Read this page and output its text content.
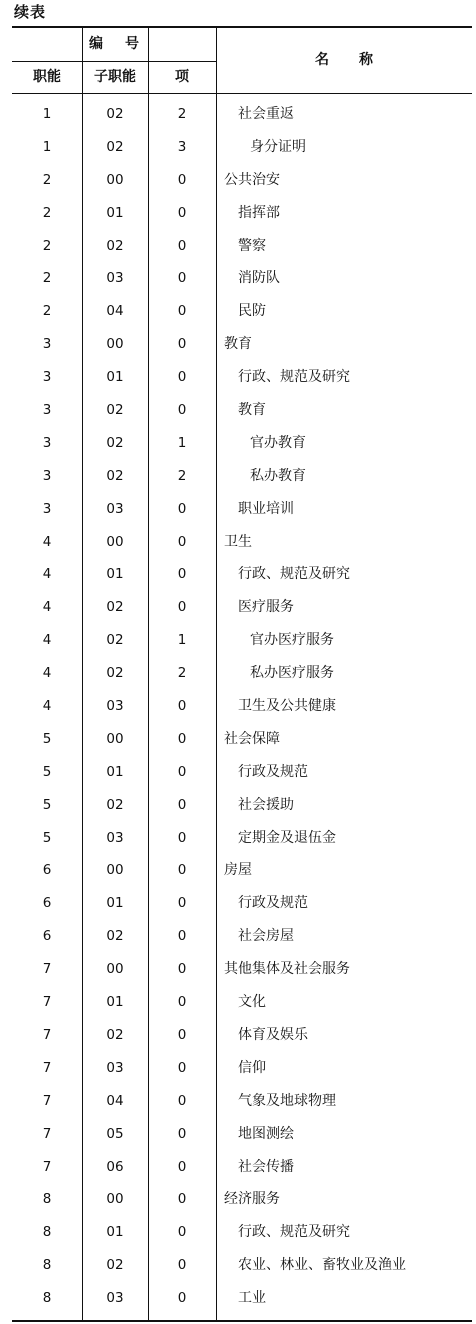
续表
编号
职能	子职能	项
名称
1	02	2	社会重返
1	02	3	身分证明
2	00	0	公共治安
2	01	0	指挥部
2	02	0	警察
2	03	0	消防队
2	04	0	民防
3	00	0	教育
3	01	0	行政、规范及研究
3	02	0	教育
3	02	1	官办教育
3	02	2	私办教育
3	03	0	职业培训
4	00	0	卫生
4	01	0	行政、规范及研究
4	02	0	医疗服务
4	02	1	官办医疗服务
4	02	2	私办医疗服务
4	03	0	卫生及公共健康
5	00	0	社会保障
5	01	0	行政及规范
5	02	0	社会援助
5	03	0	定期金及退伍金
6	00	0	房屋
6	01	0	行政及规范
6	02	0	社会房屋
7	00	0	其他集体及社会服务
7	01	0	文化
7	02	0	体育及娱乐
7	03	0	信仰
7	04	0	气象及地球物理
7	05	0	地图测绘
7	06	0	社会传播
8	00	0	经济服务
8	01	0	行政、规范及研究
8	02	0	农业、林业、畜牧业及渔业
8	03	0	工业
